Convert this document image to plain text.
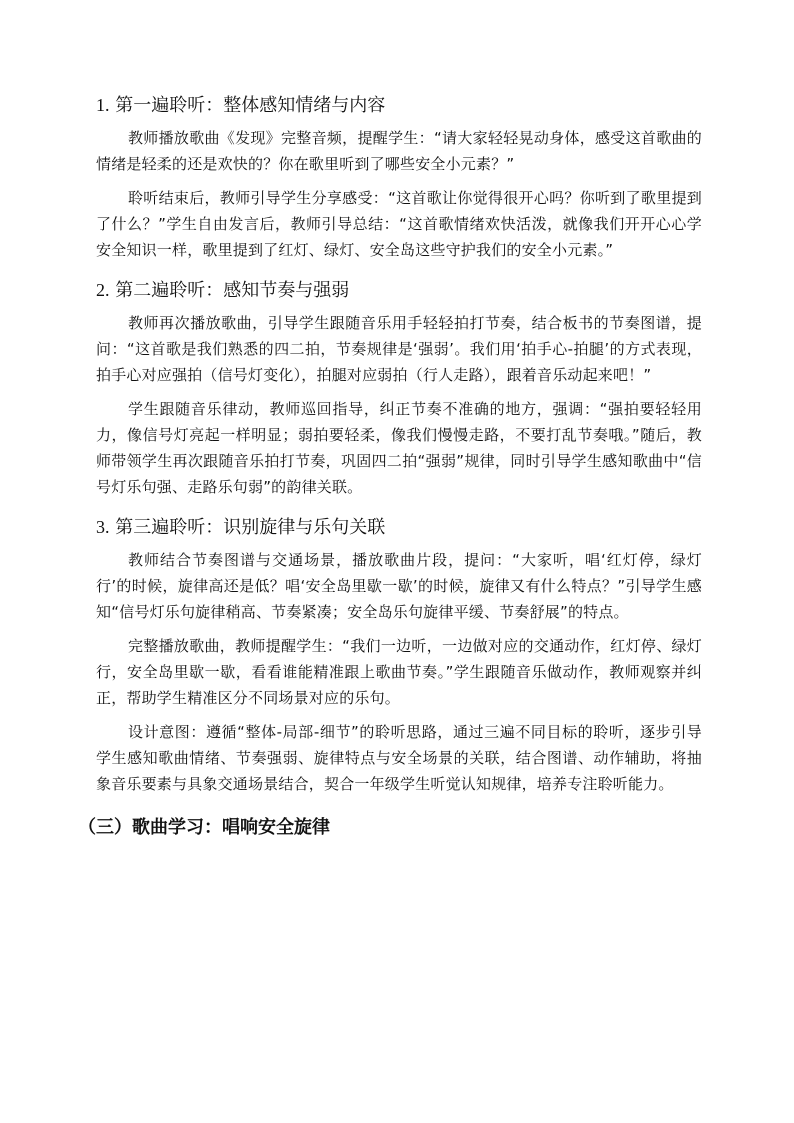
1. 第一遍聆听：整体感知情绪与内容

教师播放歌曲《发现》完整音频，提醒学生：“请大家轻轻晃动身体，感受这首歌曲的情绪是轻柔的还是欢快的？你在歌里听到了哪些安全小元素？”

聆听结束后，教师引导学生分享感受：“这首歌让你觉得很开心吗？你听到了歌里提到了什么？”学生自由发言后，教师引导总结：“这首歌情绪欢快活泼，就像我们开开心心学安全知识一样，歌里提到了红灯、绿灯、安全岛这些守护我们的安全小元素。”

2. 第二遍聆听：感知节奏与强弱

教师再次播放歌曲，引导学生跟随音乐用手轻轻拍打节奏，结合板书的节奏图谱，提问：“这首歌是我们熟悉的四二拍，节奏规律是‘强弱’。我们用‘拍手心-拍腿’的方式表现，拍手心对应强拍（信号灯变化），拍腿对应弱拍（行人走路），跟着音乐动起来吧！”

学生跟随音乐律动，教师巡回指导，纠正节奏不准确的地方，强调：“强拍要轻轻用力，像信号灯亮起一样明显；弱拍要轻柔，像我们慢慢走路，不要打乱节奏哦。”随后，教师带领学生再次跟随音乐拍打节奏，巩固四二拍“强弱”规律，同时引导学生感知歌曲中“信号灯乐句强、走路乐句弱”的韵律关联。

3. 第三遍聆听：识别旋律与乐句关联

教师结合节奏图谱与交通场景，播放歌曲片段，提问：“大家听，唱‘红灯停，绿灯行’的时候，旋律高还是低？唱‘安全岛里歇一歇’的时候，旋律又有什么特点？”引导学生感知“信号灯乐句旋律稍高、节奏紧凑；安全岛乐句旋律平缓、节奏舒展”的特点。

完整播放歌曲，教师提醒学生：“我们一边听，一边做对应的交通动作，红灯停、绿灯行，安全岛里歇一歇，看看谁能精准跟上歌曲节奏。”学生跟随音乐做动作，教师观察并纠正，帮助学生精准区分不同场景对应的乐句。

设计意图：遵循“整体-局部-细节”的聆听思路，通过三遍不同目标的聆听，逐步引导学生感知歌曲情绪、节奏强弱、旋律特点与安全场景的关联，结合图谱、动作辅助，将抽象音乐要素与具象交通场景结合，契合一年级学生听觉认知规律，培养专注聆听能力。

（三）歌曲学习：唱响安全旋律
